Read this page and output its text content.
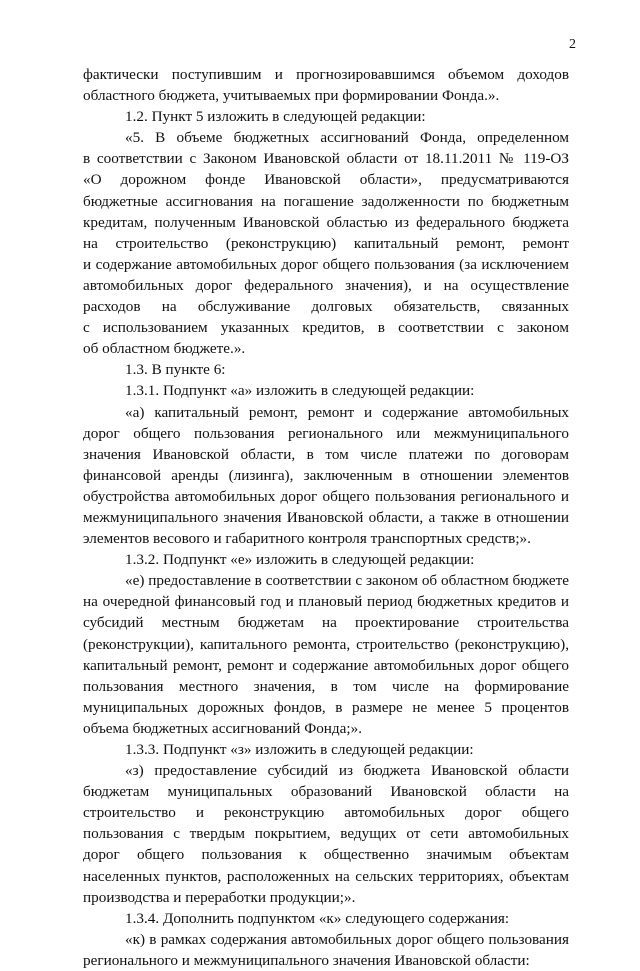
2
фактически поступившим и прогнозировавшимся объемом доходов
областного бюджета, учитываемых при формировании Фонда.».
1.2. Пункт 5 изложить в следующей редакции:
«5. В объеме бюджетных ассигнований Фонда, определенном
в соответствии с Законом Ивановской области от 18.11.2011 № 119-ОЗ
«О дорожном фонде Ивановской области», предусматриваются
бюджетные ассигнования на погашение задолженности по бюджетным
кредитам, полученным Ивановской областью из федерального бюджета
на строительство (реконструкцию) капитальный ремонт, ремонт
и содержание автомобильных дорог общего пользования (за исключением
автомобильных дорог федерального значения), и на осуществление
расходов на обслуживание долговых обязательств, связанных
с использованием указанных кредитов, в соответствии с законом
об областном бюджете.».
1.3. В пункте 6:
1.3.1. Подпункт «а» изложить в следующей редакции:
«а) капитальный ремонт, ремонт и содержание автомобильных
дорог общего пользования регионального или межмуниципального
значения Ивановской области, в том числе платежи по договорам
финансовой аренды (лизинга), заключенным в отношении элементов
обустройства автомобильных дорог общего пользования регионального и
межмуниципального значения Ивановской области, а также в отношении
элементов весового и габаритного контроля транспортных средств;».
1.3.2. Подпункт «е» изложить в следующей редакции:
«е) предоставление в соответствии с законом об областном бюджете
на очередной финансовый год и плановый период бюджетных кредитов и
субсидий местным бюджетам на проектирование строительства
(реконструкции), капитального ремонта, строительство (реконструкцию),
капитальный ремонт, ремонт и содержание автомобильных дорог общего
пользования местного значения, в том числе на формирование
муниципальных дорожных фондов, в размере не менее 5 процентов
объема бюджетных ассигнований Фонда;».
1.3.3. Подпункт «з» изложить в следующей редакции:
«з) предоставление субсидий из бюджета Ивановской области
бюджетам муниципальных образований Ивановской области на
строительство и реконструкцию автомобильных дорог общего
пользования с твердым покрытием, ведущих от сети автомобильных
дорог общего пользования к общественно значимым объектам
населенных пунктов, расположенных на сельских территориях, объектам
производства и переработки продукции;».
1.3.4. Дополнить подпунктом «к» следующего содержания:
«к) в рамках содержания автомобильных дорог общего пользования
регионального и межмуниципального значения Ивановской области:
